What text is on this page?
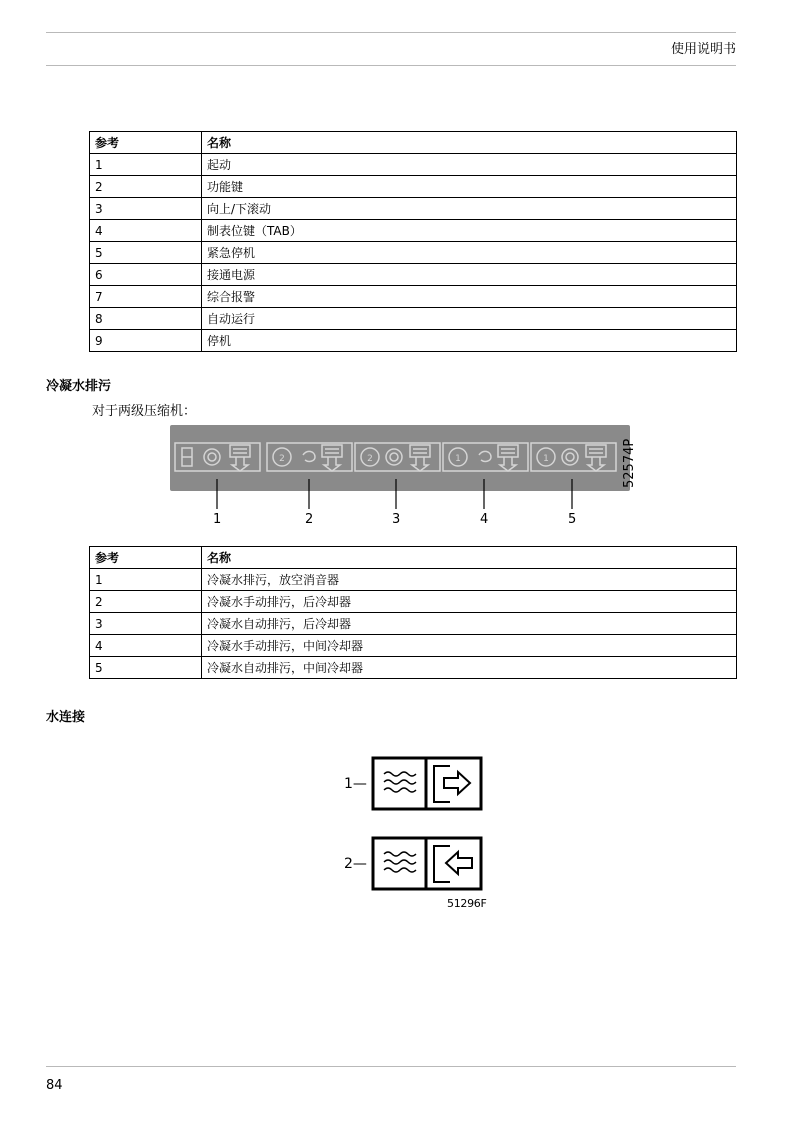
使用说明书
参考	名称
1	起动
2	功能键
3	向上/下滚动
4	制表位键（TAB）
5	紧急停机
6	接通电源
7	综合报警
8	自动运行
9	停机
冷凝水排污
对于两级压缩机：
2	2	1	1
1	2	3	4	5
52574P
参考	名称
1	冷凝水排污，放空消音器
2	冷凝水手动排污，后冷却器
3	冷凝水自动排污，后冷却器
4	冷凝水手动排污，中间冷却器
5	冷凝水自动排污，中间冷却器
水连接
1—
2—
51296F
84
